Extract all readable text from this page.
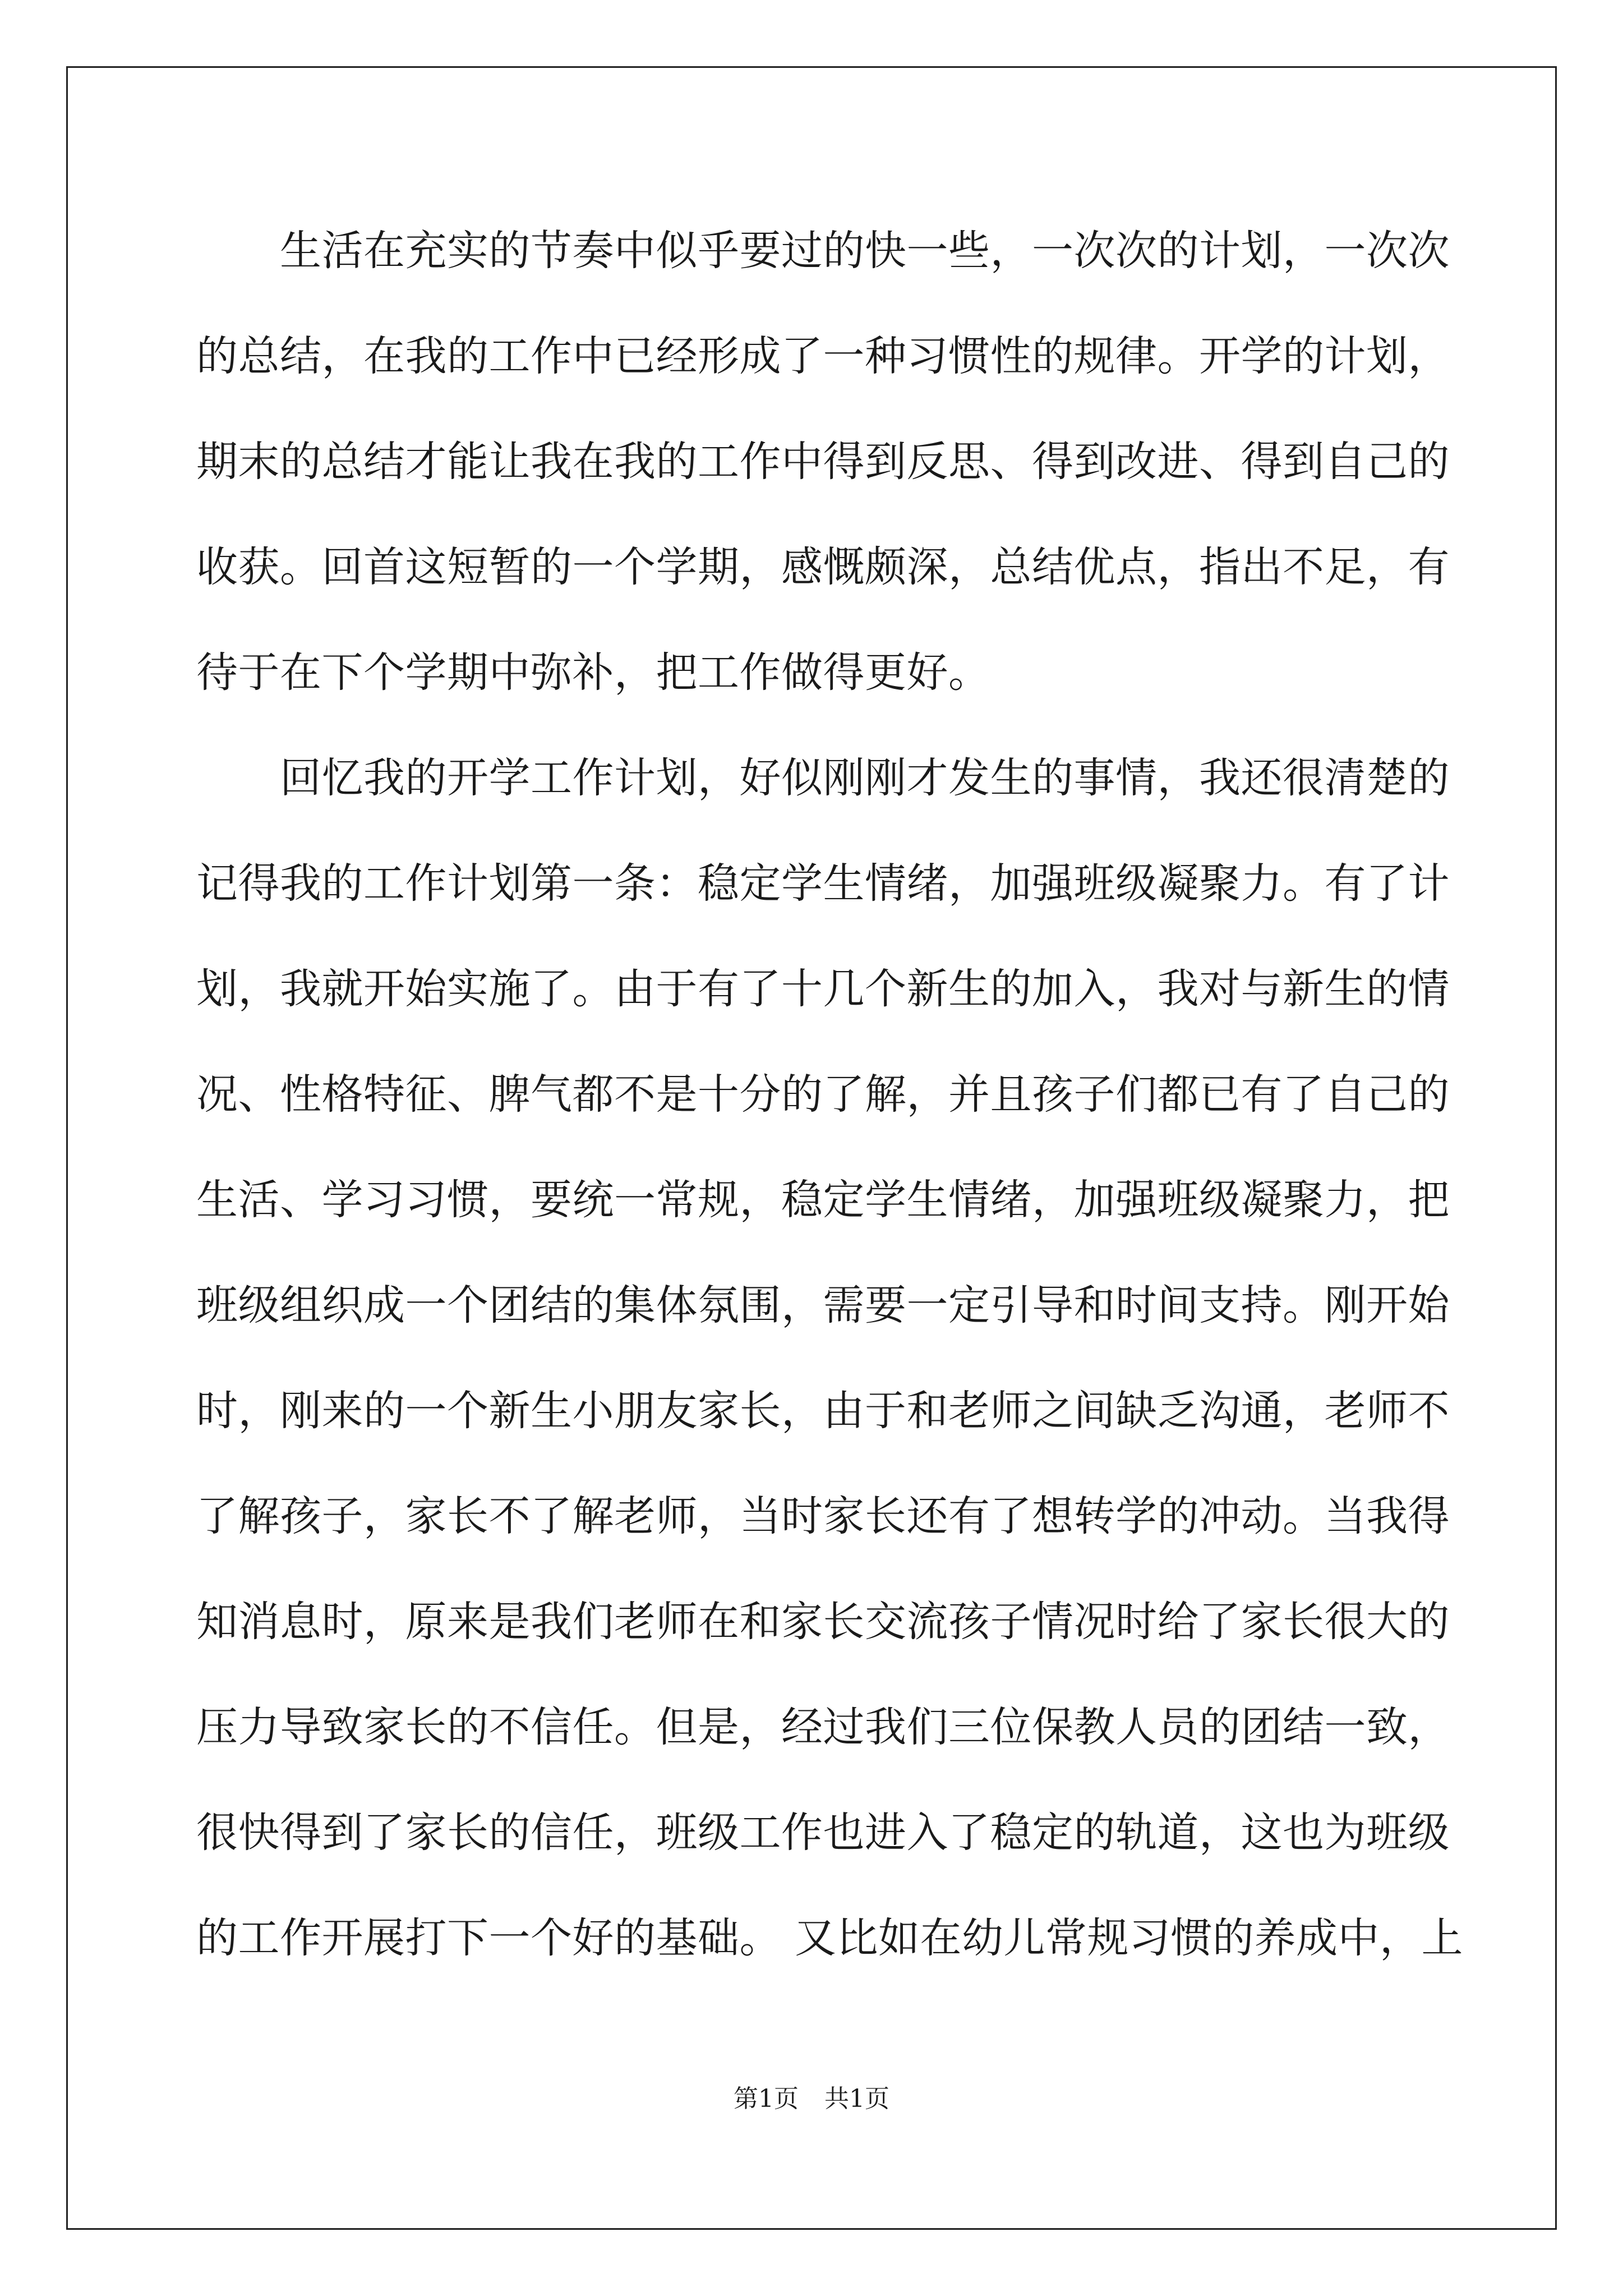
　　生活在充实的节奏中似乎要过的快一些，一次次的计划，一次次
的总结，在我的工作中已经形成了一种习惯性的规律。开学的计划，
期末的总结才能让我在我的工作中得到反思、得到改进、得到自己的
收获。回首这短暂的一个学期，感慨颇深，总结优点，指出不足，有
待于在下个学期中弥补，把工作做得更好。
　　回忆我的开学工作计划，好似刚刚才发生的事情，我还很清楚的
记得我的工作计划第一条：稳定学生情绪，加强班级凝聚力。有了计
划，我就开始实施了。由于有了十几个新生的加入，我对与新生的情
况、性格特征、脾气都不是十分的了解，并且孩子们都已有了自己的
生活、学习习惯，要统一常规，稳定学生情绪，加强班级凝聚力，把
班级组织成一个团结的集体氛围，需要一定引导和时间支持。刚开始
时，刚来的一个新生小朋友家长，由于和老师之间缺乏沟通，老师不
了解孩子，家长不了解老师，当时家长还有了想转学的冲动。当我得
知消息时，原来是我们老师在和家长交流孩子情况时给了家长很大的
压力导致家长的不信任。但是，经过我们三位保教人员的团结一致，
很快得到了家长的信任，班级工作也进入了稳定的轨道，这也为班级
的工作开展打下一个好的基础。 又比如在幼儿常规习惯的养成中，上
第1页 共1页
